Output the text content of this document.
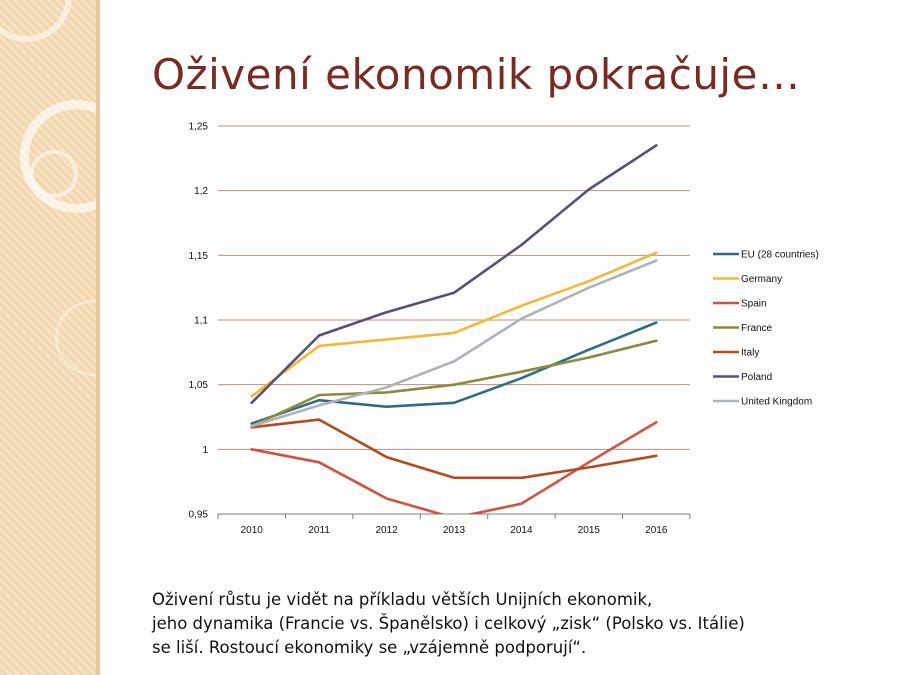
Oživení ekonomik pokračuje…
0,95
1
1,05
1,1
1,15
1,2
1,25
2010	2011	2012	2013	2014	2015	2016
EU (28 countries)
Germany
Spain
France
Italy
Poland
United Kingdom
Oživení růstu je vidět na příkladu větších Unijních ekonomik,
jeho dynamika (Francie vs. Španělsko) i celkový „zisk“ (Polsko vs. Itálie)
se liší. Rostoucí ekonomiky se „vzájemně podporují“.
